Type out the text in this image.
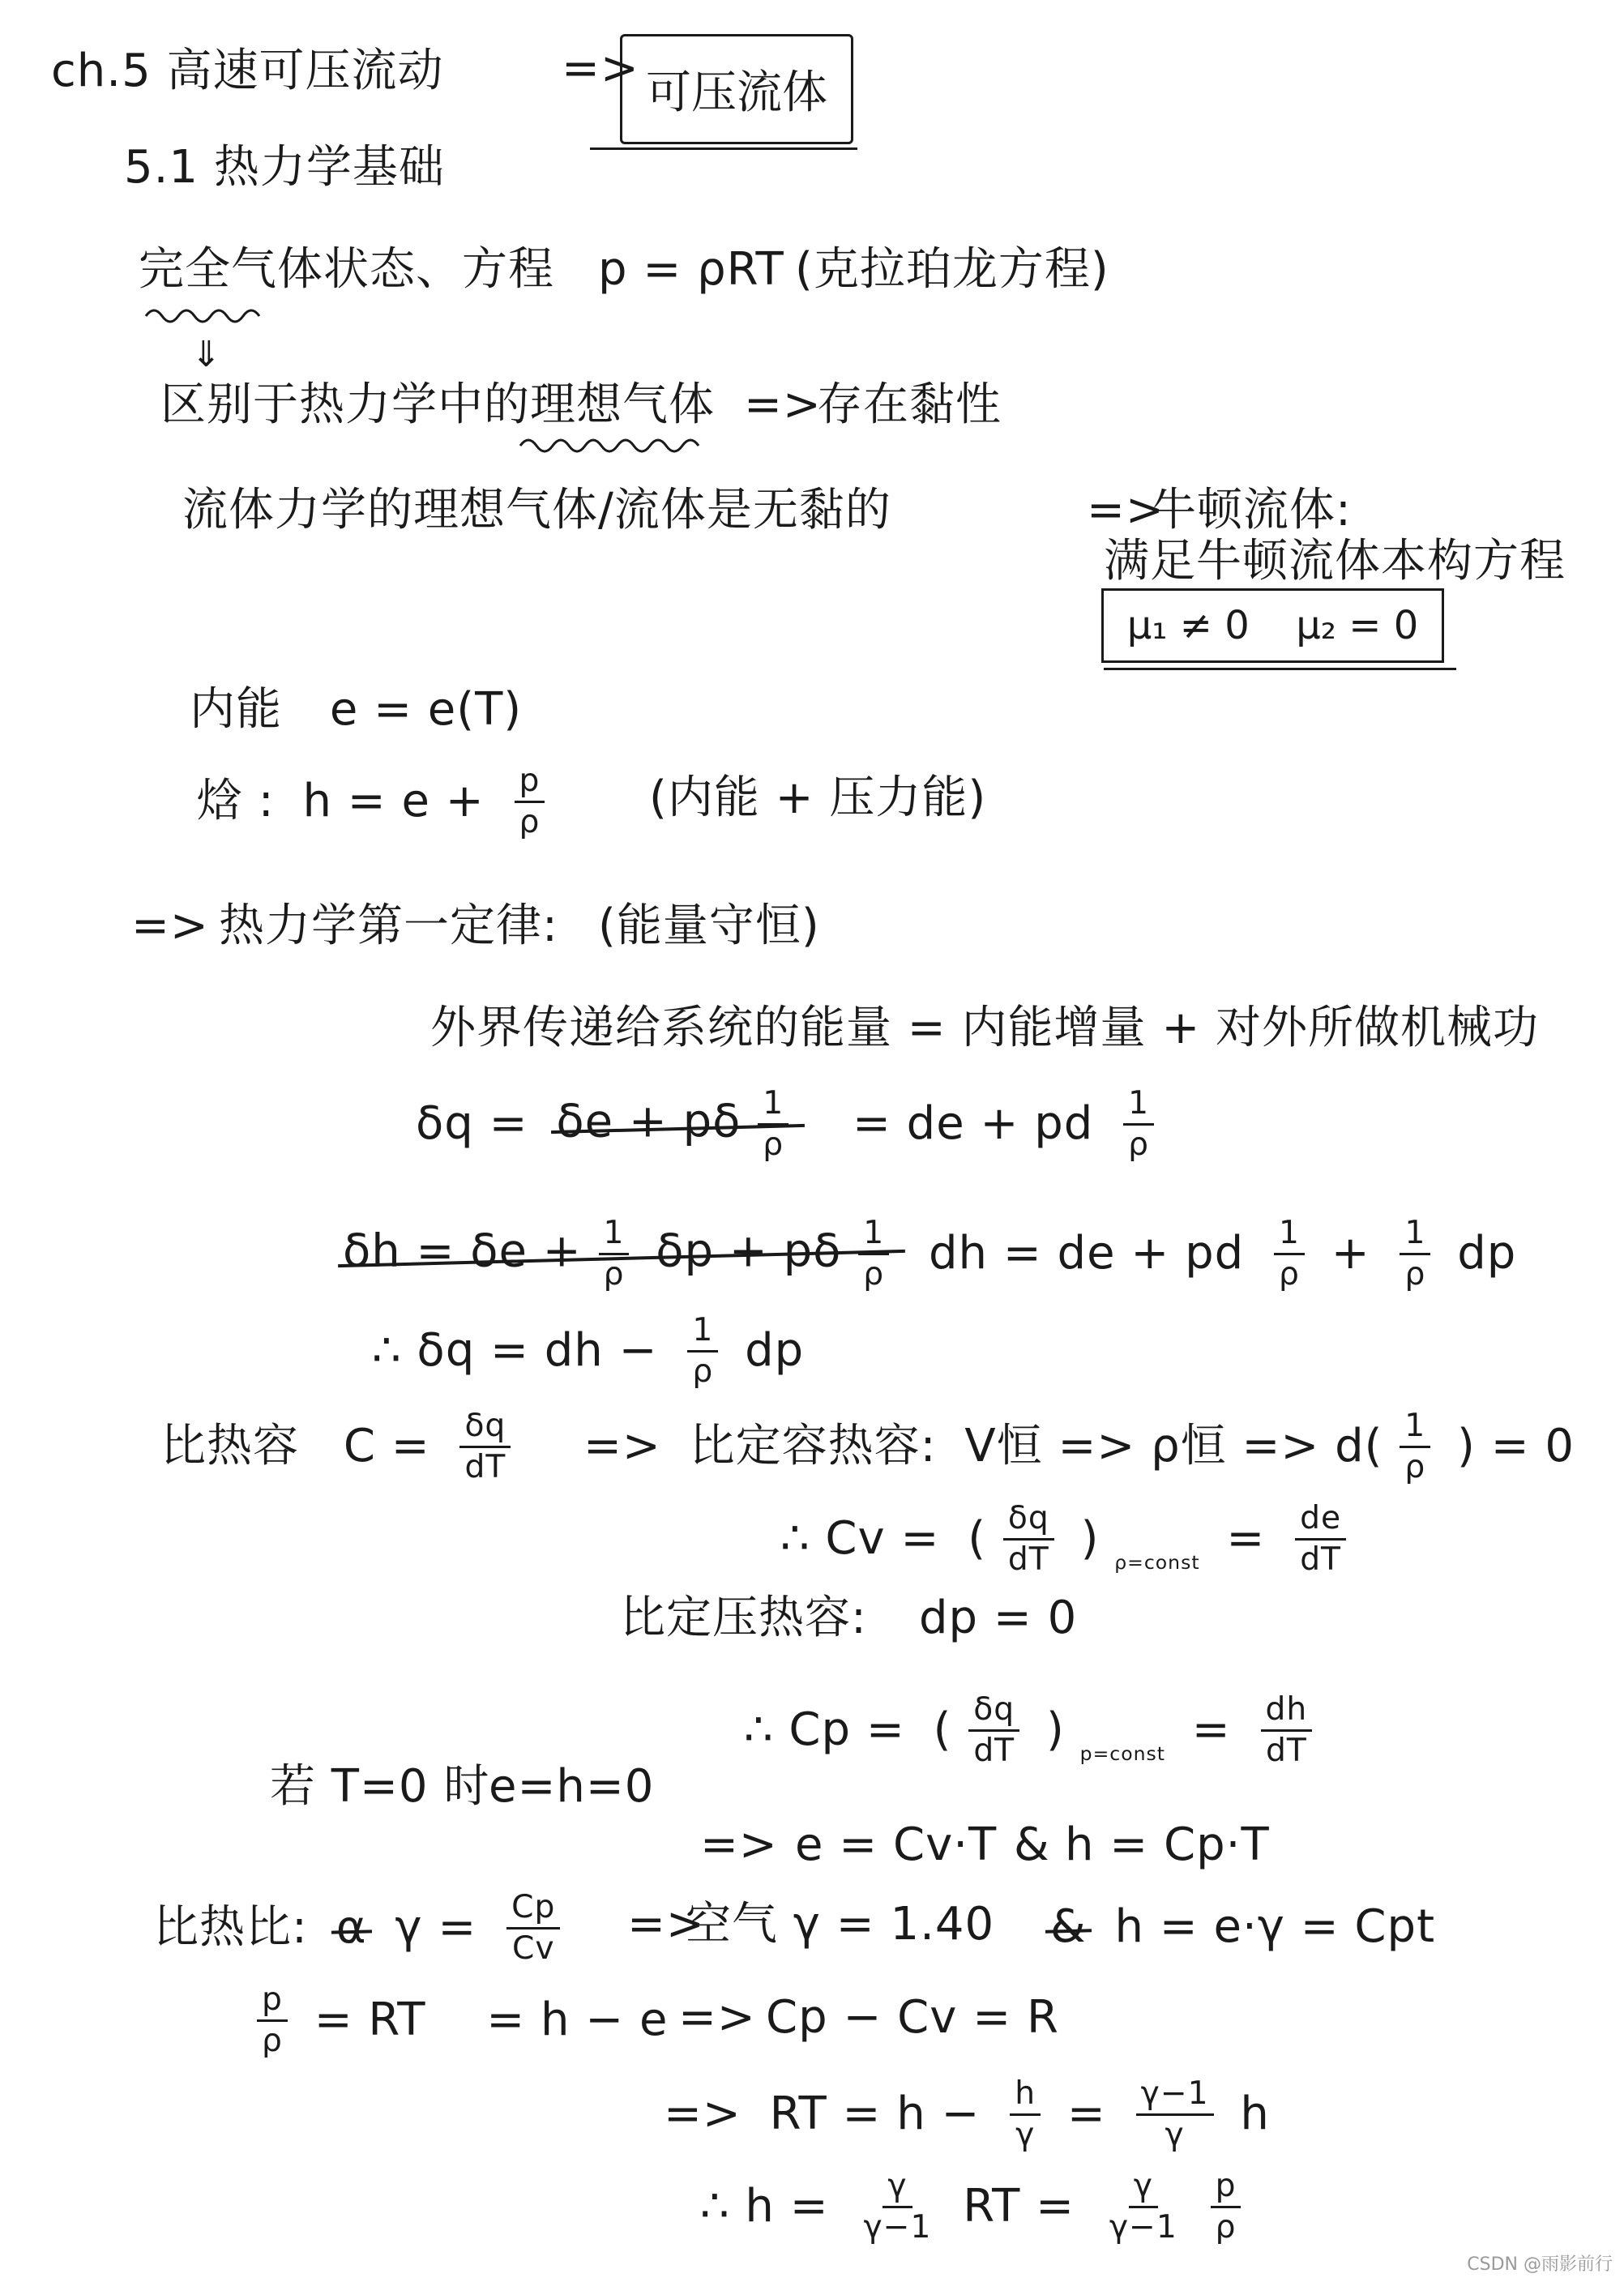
ch.5 高速可压流动	=> 可压流体
5.1 热力学基础
完全气体状态、方程 p = ρRT (克拉珀龙方程)
⇓
区别于热力学中的理想气体 =>
存在黏性
流体力学的理想气体/流体是无黏的	=>
牛顿流体:
满足牛顿流体本构方程
μ₁ ≠ 0 μ₂ = 0
内能 e = e(T)
焓 : $h = e + \frac{p}{\rho}$ (内能 + 压力能)
=> 热力学第一定律: (能量守恒)
外界传递给系统的能量 = 内能增量 + 对外所做机械功
δq = δe + pδ $\frac{1}{\rho}$ = de + pd $\frac{1}{\rho}$
$\delta h = \delta e + \frac{1}{\rho}$ δp + pδ $\frac{1}{\rho}$ dh = de + pd $\frac{1}{\rho} + \frac{1}{\rho}$ dp
∴ δq = dh − $\frac{1}{\rho}$ dp
比热容 $C = \frac{\delta q}{dT}$ => 比定容热容: V恒 => ρ恒 => $d( \frac{1}{\rho}$ ) = 0
∴ Cv = ( $\frac{\delta q}{dT}$ ) ρ=const = $\frac{de}{dT}$
比定压热容: dp = 0
∴ Cp = ( $\frac{\delta q}{dT}$ ) p=const = $\frac{dh}{dT}$
若 T=0 时
e=h=0
=> e = Cv·T & h = Cp·T
比热比: α $\gamma = \frac{Cp}{Cv}$ =>
空气 γ = 1.40 & h = e·γ = Cpt
$\frac{p}{\rho}$ = RT = h − e => Cp − Cv = R
=> RT = $h - \frac{h}{\gamma} = \frac{\gamma-1}{\gamma}$ h
∴ $h = \frac{\gamma}{\gamma-1}$ RT = $\frac{\gamma}{\gamma-1}$
$\frac{p}{\rho}$
CSDN @雨影前行
